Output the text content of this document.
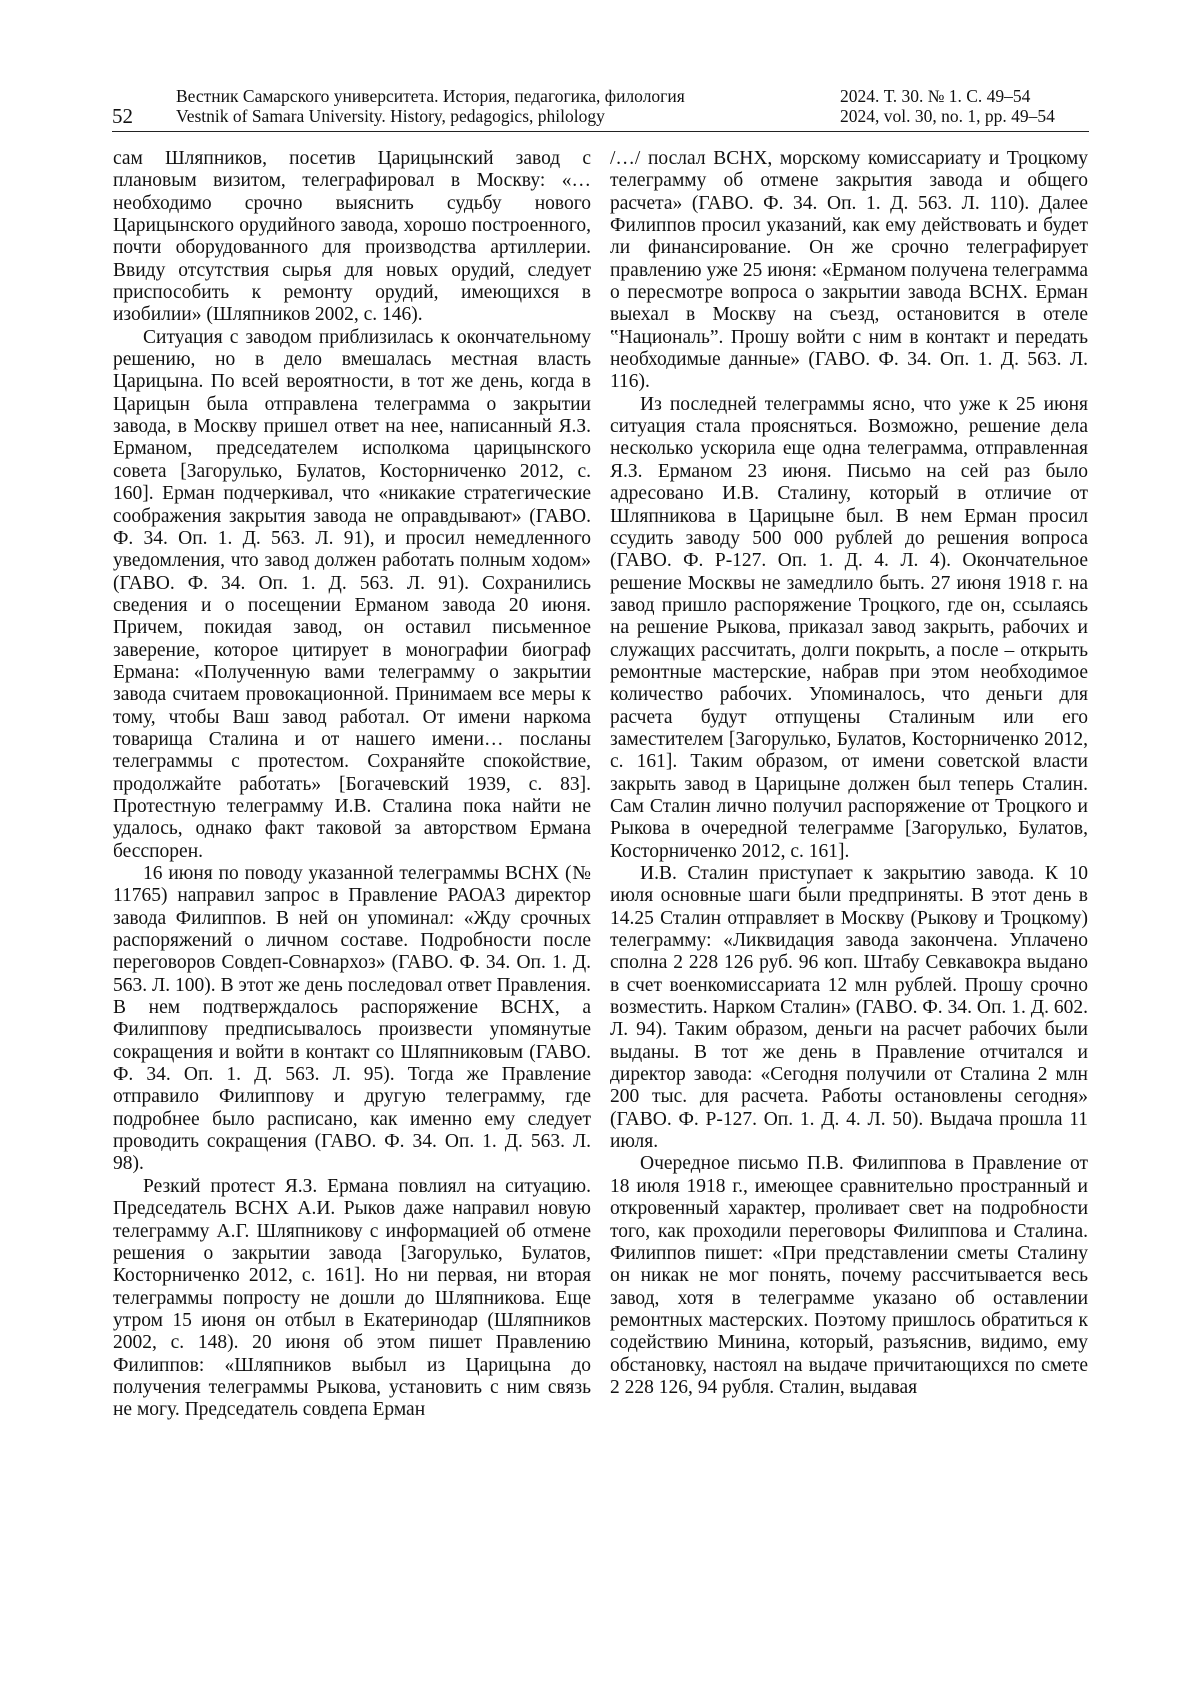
52
Вестник Самарского университета. История, педагогика, филология
Vestnik of Samara University. History, pedagogics, philology
2024. Т. 30. № 1. С. 49–54
2024, vol. 30, no. 1, pp. 49–54

сам Шляпников, посетив Царицынский завод с плановым визитом, телеграфировал в Москву: «…необходимо срочно выяснить судьбу нового Царицынского орудийного завода, хорошо построенного, почти оборудованного для производства артиллерии. Ввиду отсутствия сырья для новых орудий, следует приспособить к ремонту орудий, имеющихся в изобилии» (Шляпников 2002, с. 146).

Ситуация с заводом приблизилась к окончательному решению, но в дело вмешалась местная власть Царицына. По всей вероятности, в тот же день, когда в Царицын была отправлена телеграмма о закрытии завода, в Москву пришел ответ на нее, написанный Я.З. Ерманом, председателем исполкома царицынского совета [Загорулько, Булатов, Косторниченко 2012, с. 160]. Ерман подчеркивал, что «никакие стратегические соображения закрытия завода не оправдывают» (ГАВО. Ф. 34. Оп. 1. Д. 563. Л. 91), и просил немедленного уведомления, что завод должен работать полным ходом» (ГАВО. Ф. 34. Оп. 1. Д. 563. Л. 91). Сохранились сведения и о посещении Ерманом завода 20 июня. Причем, покидая завод, он оставил письменное заверение, которое цитирует в монографии биограф Ермана: «Полученную вами телеграмму о закрытии завода считаем провокационной. Принимаем все меры к тому, чтобы Ваш завод работал. От имени наркома товарища Сталина и от нашего имени… посланы телеграммы с протестом. Сохраняйте спокойствие, продолжайте работать» [Богачевский 1939, с. 83]. Протестную телеграмму И.В. Сталина пока найти не удалось, однако факт таковой за авторством Ермана бесспорен.

16 июня по поводу указанной телеграммы ВСНХ (№ 11765) направил запрос в Правление РАОАЗ директор завода Филиппов. В ней он упоминал: «Жду срочных распоряжений о личном составе. Подробности после переговоров Совдеп-Совнархоз» (ГАВО. Ф. 34. Оп. 1. Д. 563. Л. 100). В этот же день последовал ответ Правления. В нем подтверждалось распоряжение ВСНХ, а Филиппову предписывалось произвести упомянутые сокращения и войти в контакт со Шляпниковым (ГАВО. Ф. 34. Оп. 1. Д. 563. Л. 95). Тогда же Правление отправило Филиппову и другую телеграмму, где подробнее было расписано, как именно ему следует проводить сокращения (ГАВО. Ф. 34. Оп. 1. Д. 563. Л. 98).

Резкий протест Я.З. Ермана повлиял на ситуацию. Председатель ВСНХ А.И. Рыков даже направил новую телеграмму А.Г. Шляпникову с информацией об отмене решения о закрытии завода [Загорулько, Булатов, Косторниченко 2012, с. 161]. Но ни первая, ни вторая телеграммы попросту не дошли до Шляпникова. Еще утром 15 июня он отбыл в Екатеринодар (Шляпников 2002, с. 148). 20 июня об этом пишет Правлению Филиппов: «Шляпников выбыл из Царицына до получения телеграммы Рыкова, установить с ним связь не могу. Председатель совдепа Ерман

/…/ послал ВСНХ, морскому комиссариату и Троцкому телеграмму об отмене закрытия завода и общего расчета» (ГАВО. Ф. 34. Оп. 1. Д. 563. Л. 110). Далее Филиппов просил указаний, как ему действовать и будет ли финансирование. Он же срочно телеграфирует правлению уже 25 июня: «Ерманом получена телеграмма о пересмотре вопроса о закрытии завода ВСНХ. Ерман выехал в Москву на съезд, остановится в отеле ‟Националь”. Прошу войти с ним в контакт и передать необходимые данные» (ГАВО. Ф. 34. Оп. 1. Д. 563. Л. 116).

Из последней телеграммы ясно, что уже к 25 июня ситуация стала проясняться. Возможно, решение дела несколько ускорила еще одна телеграмма, отправленная Я.З. Ерманом 23 июня. Письмо на сей раз было адресовано И.В. Сталину, который в отличие от Шляпникова в Царицыне был. В нем Ерман просил ссудить заводу 500 000 рублей до решения вопроса (ГАВО. Ф. Р-127. Оп. 1. Д. 4. Л. 4). Окончательное решение Москвы не замедлило быть. 27 июня 1918 г. на завод пришло распоряжение Троцкого, где он, ссылаясь на решение Рыкова, приказал завод закрыть, рабочих и служащих рассчитать, долги покрыть, а после – открыть ремонтные мастерские, набрав при этом необходимое количество рабочих. Упоминалось, что деньги для расчета будут отпущены Сталиным или его заместителем [Загорулько, Булатов, Косторниченко 2012, с. 161]. Таким образом, от имени советской власти закрыть завод в Царицыне должен был теперь Сталин. Сам Сталин лично получил распоряжение от Троцкого и Рыкова в очередной телеграмме [Загорулько, Булатов, Косторниченко 2012, с. 161].

И.В. Сталин приступает к закрытию завода. К 10 июля основные шаги были предприняты. В этот день в 14.25 Сталин отправляет в Москву (Рыкову и Троцкому) телеграмму: «Ликвидация завода закончена. Уплачено сполна 2 228 126 руб. 96 коп. Штабу Севкавокра выдано в счет военкомиссариата 12 млн рублей. Прошу срочно возместить. Нарком Сталин» (ГАВО. Ф. 34. Оп. 1. Д. 602. Л. 94). Таким образом, деньги на расчет рабочих были выданы. В тот же день в Правление отчитался и директор завода: «Сегодня получили от Сталина 2 млн 200 тыс. для расчета. Работы остановлены сегодня» (ГАВО. Ф. Р-127. Оп. 1. Д. 4. Л. 50). Выдача прошла 11 июля.

Очередное письмо П.В. Филиппова в Правление от 18 июля 1918 г., имеющее сравнительно пространный и откровенный характер, проливает свет на подробности того, как проходили переговоры Филиппова и Сталина. Филиппов пишет: «При представлении сметы Сталину он никак не мог понять, почему рассчитывается весь завод, хотя в телеграмме указано об оставлении ремонтных мастерских. Поэтому пришлось обратиться к содействию Минина, который, разъяснив, видимо, ему обстановку, настоял на выдаче причитающихся по смете 2 228 126, 94 рубля. Сталин, выдавая
